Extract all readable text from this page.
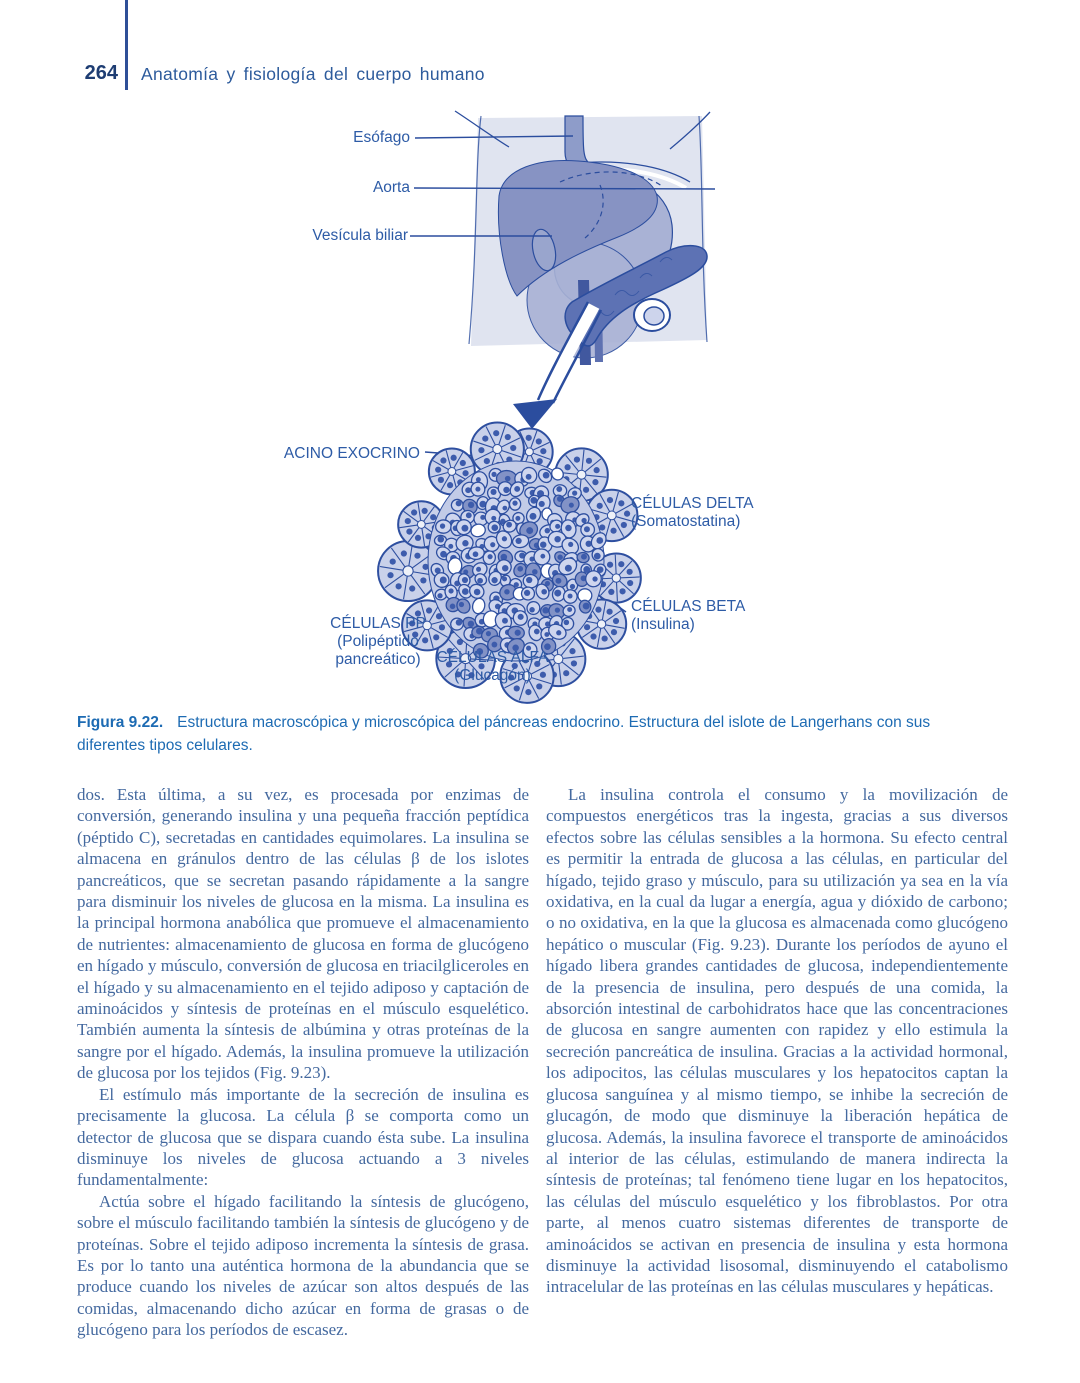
264 Anatomía y fisiología del cuerpo humano
Esófago
Aorta
Vesícula biliar
ACINO EXOCRINO
CÉLULAS DELTA
(Somatostatina)
CÉLULAS BETA
(Insulina)
CÉLULAS PP
(Polipéptido
pancreático)	CÉLULAS ALFA
(Glucagón)
Figura 9.22. Estructura macroscópica y microscópica del páncreas endocrino. Estructura del islote de Langerhans con sus diferentes tipos celulares.

dos. Esta última, a su vez, es procesada por enzimas de conversión, generando insulina y una pequeña fracción peptídica (péptido C), secretadas en cantidades equimolares. La insulina se almacena en gránulos dentro de las células β de los islotes pancreáticos, que se secretan pasando rápidamente a la sangre para disminuir los niveles de glucosa en la misma. La insulina es la principal hormona anabólica que promueve el almacenamiento de nutrientes: almacenamiento de glucosa en forma de glucógeno en hígado y músculo, conversión de glucosa en triacilgliceroles en el hígado y su almacenamiento en el tejido adiposo y captación de aminoácidos y síntesis de proteínas en el músculo esquelético. También aumenta la síntesis de albúmina y otras proteínas de la sangre por el hígado. Además, la insulina promueve la utilización de glucosa por los tejidos (Fig. 9.23).

El estímulo más importante de la secreción de insulina es precisamente la glucosa. La célula β se comporta como un detector de glucosa que se dispara cuando ésta sube. La insulina disminuye los niveles de glucosa actuando a 3 niveles fundamentalmente:

Actúa sobre el hígado facilitando la síntesis de glucógeno, sobre el músculo facilitando también la síntesis de glucógeno y de proteínas. Sobre el tejido adiposo incrementa la síntesis de grasa. Es por lo tanto una auténtica hormona de la abundancia que se produce cuando los niveles de azúcar son altos después de las comidas, almacenando dicho azúcar en forma de grasas o de glucógeno para los períodos de escasez.

La insulina controla el consumo y la movilización de compuestos energéticos tras la ingesta, gracias a sus diversos efectos sobre las células sensibles a la hormona. Su efecto central es permitir la entrada de glucosa a las células, en particular del hígado, tejido graso y músculo, para su utilización ya sea en la vía oxidativa, en la cual da lugar a energía, agua y dióxido de carbono; o no oxidativa, en la que la glucosa es almacenada como glucógeno hepático o muscular (Fig. 9.23). Durante los períodos de ayuno el hígado libera grandes cantidades de glucosa, independientemente de la presencia de insulina, pero después de una comida, la absorción intestinal de carbohidratos hace que las concentraciones de glucosa en sangre aumenten con rapidez y ello estimula la secreción pancreática de insulina. Gracias a la actividad hormonal, los adipocitos, las células musculares y los hepatocitos captan la glucosa sanguínea y al mismo tiempo, se inhibe la secreción de glucagón, de modo que disminuye la liberación hepática de glucosa. Además, la insulina favorece el transporte de aminoácidos al interior de las células, estimulando de manera indirecta la síntesis de proteínas; tal fenómeno tiene lugar en los hepatocitos, las células del músculo esquelético y los fibroblastos. Por otra parte, al menos cuatro sistemas diferentes de transporte de aminoácidos se activan en presencia de insulina y esta hormona disminuye la actividad lisosomal, disminuyendo el catabolismo intracelular de las proteínas en las células musculares y hepáticas.
